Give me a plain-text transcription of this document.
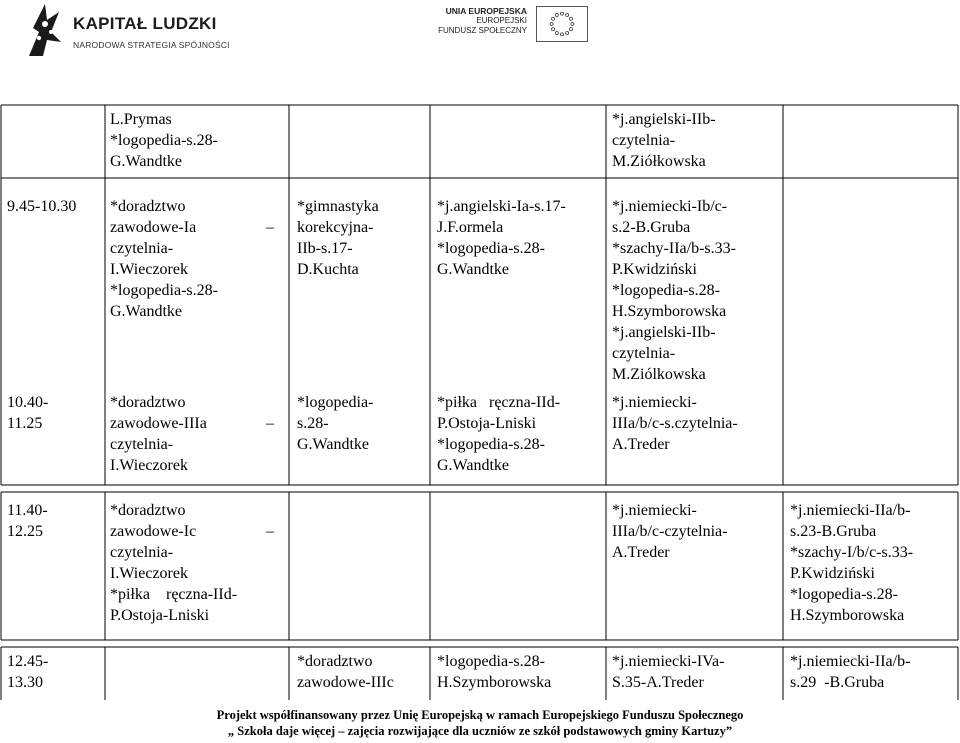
KAPITAŁ LUDZKI
NARODOWA STRATEGIA SPÓJNOŚCI
UNIA EUROPEJSKA
EUROPEJSKI
FUNDUSZ SPOŁECZNY
L.Prymas
*logopedia-s.28-
G.Wandtke
*j.angielski-IIb-
czytelnia-
M.Ziółkowska
9.45-10.30 *doradztwo
zawodowe-Ia
czytelnia-
I.Wieczorek
*logopedia-s.28-
G.Wandtke
–
*gimnastyka
korekcyjna-
IIb-s.17-
D.Kuchta
*j.angielski-Ia-s.17-
J.F.ormela
*logopedia-s.28-
G.Wandtke
*j.niemiecki-Ib/c-
s.2-B.Gruba
*szachy-IIa/b-s.33-
P.Kwidziński
*logopedia-s.28-
H.Szymborowska
*j.angielski-IIb-
czytelnia-
M.Ziólkowska
10.40-
11.25
*doradztwo
zawodowe-IIIa
czytelnia-
I.Wieczorek
–
*logopedia-
s.28-
G.Wandtke
*piłka   ręczna-IId-
P.Ostoja-Lniski
*logopedia-s.28-
G.Wandtke
*j.niemiecki-
IIIa/b/c-s.czytelnia-
A.Treder
11.40-
12.25
*doradztwo
zawodowe-Ic
czytelnia-
I.Wieczorek
*piłka    ręczna-IId-
P.Ostoja-Lniski
–
*j.niemiecki-
IIIa/b/c-czytelnia-
A.Treder
*j.niemiecki-IIa/b-
s.23-B.Gruba
*szachy-I/b/c-s.33-
P.Kwidziński
*logopedia-s.28-
H.Szymborowska
12.45-
13.30
*doradztwo
zawodowe-IIIc
*logopedia-s.28-
H.Szymborowska
*j.niemiecki-IVa-
S.35-A.Treder
*j.niemiecki-IIa/b-
s.29  -B.Gruba
Projekt współfinansowany przez Unię Europejską w ramach Europejskiego Funduszu Społecznego
„ Szkoła daje więcej – zajęcia rozwijające dla uczniów ze szkół podstawowych gminy Kartuzy”
